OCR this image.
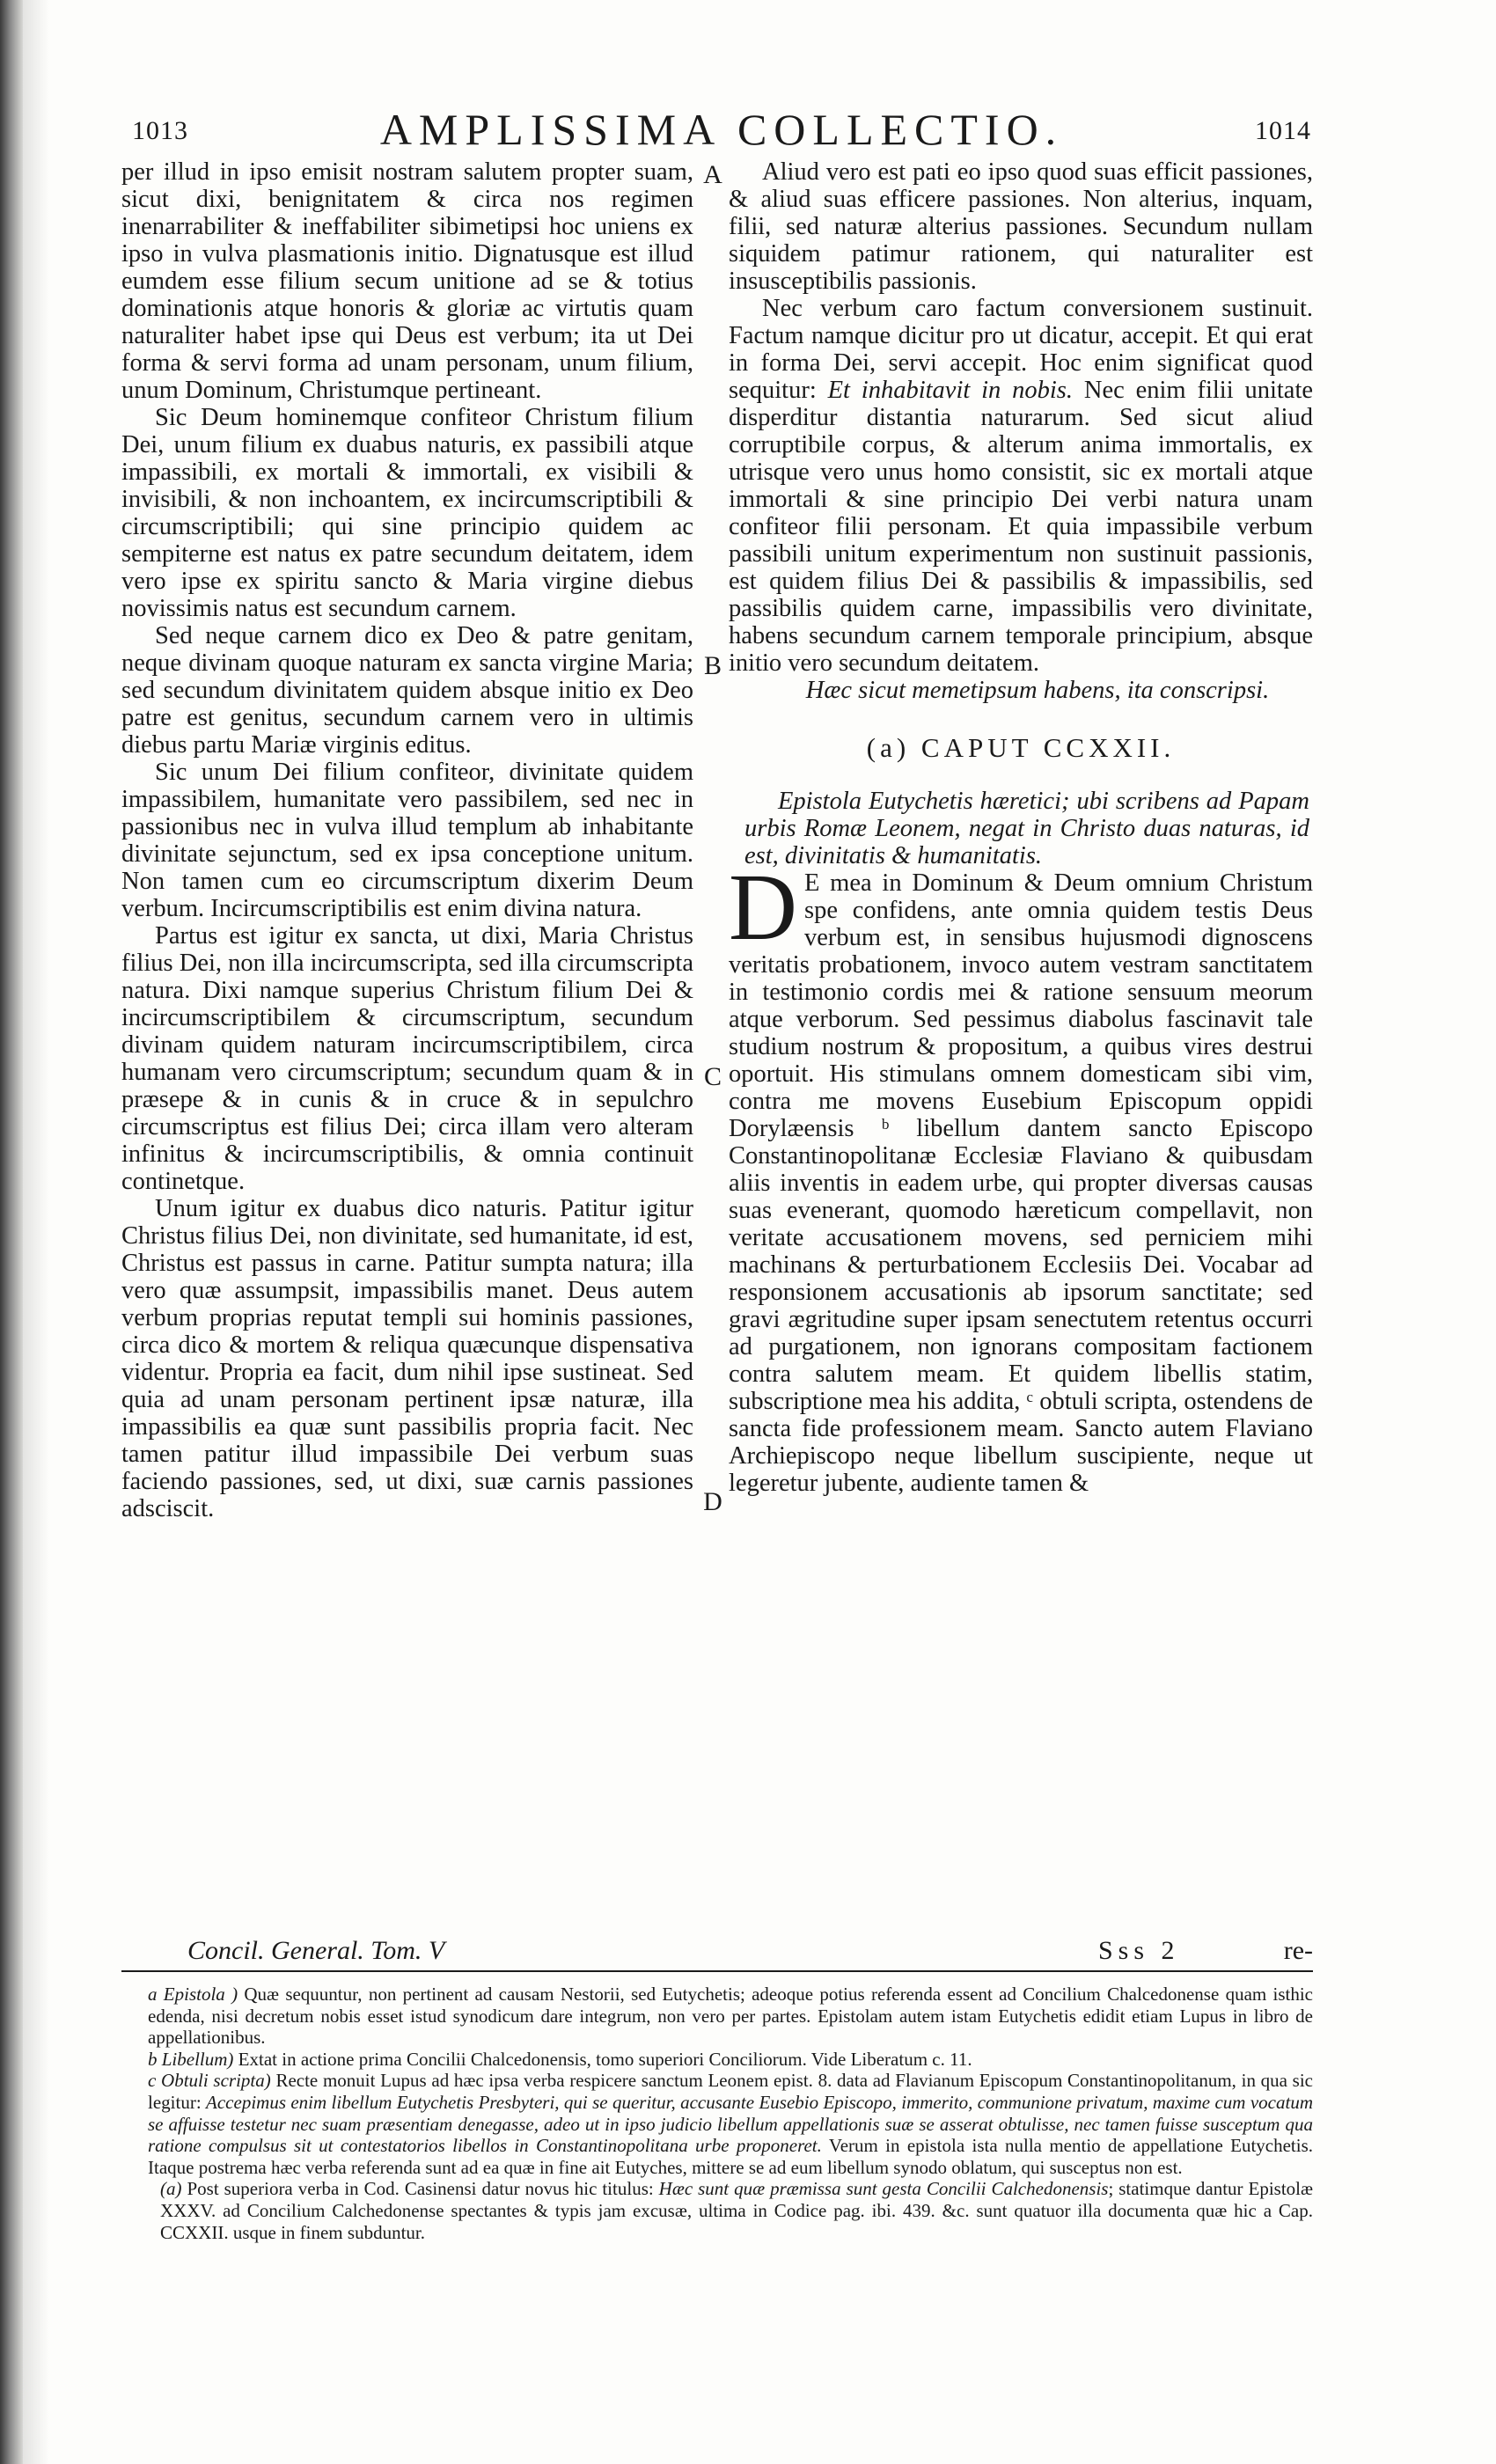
1013	AMPLISSIMA COLLECTIO.	1014

per illud in ipso emisit nostram salutem propter suam, sicut dixi, benignitatem & circa nos regimen inenarrabiliter & ineffabiliter sibimetipsi hoc uniens ex ipso in vulva plasmationis initio. Dignatusque est illud eumdem esse filium secum unitione ad se & totius dominationis atque honoris & gloriæ ac virtutis quam naturaliter habet ipse qui Deus est verbum; ita ut Dei forma & servi forma ad unam personam, unum filium, unum Dominum, Christumque pertineant.

Sic Deum hominemque confiteor Christum filium Dei, unum filium ex duabus naturis, ex passibili atque impassibili, ex mortali & immortali, ex visibili & invisibili, & non inchoantem, ex incircumscriptibili & circumscriptibili; qui sine principio quidem ac sempiterne est natus ex patre secundum deitatem, idem vero ipse ex spiritu sancto & Maria virgine diebus novissimis natus est secundum carnem.

Sed neque carnem dico ex Deo & patre genitam, neque divinam quoque naturam ex sancta virgine Maria; sed secundum divinitatem quidem absque initio ex Deo patre est genitus, secundum carnem vero in ultimis diebus partu Mariæ virginis editus.

Sic unum Dei filium confiteor, divinitate quidem impassibilem, humanitate vero passibilem, sed nec in passionibus nec in vulva illud templum ab inhabitante divinitate sejunctum, sed ex ipsa conceptione unitum. Non tamen cum eo circumscriptum dixerim Deum verbum. Incircumscriptibilis est enim divina natura.

Partus est igitur ex sancta, ut dixi, Maria Christus filius Dei, non illa incircumscripta, sed illa circumscripta natura. Dixi namque superius Christum filium Dei & incircumscriptibilem & circumscriptum, secundum divinam quidem naturam incircumscriptibilem, circa humanam vero circumscriptum; secundum quam & in præsepe & in cunis & in cruce & in sepulchro circumscriptus est filius Dei; circa illam vero alteram infinitus & incircumscriptibilis, & omnia continuit continetque.

Unum igitur ex duabus dico naturis. Patitur igitur Christus filius Dei, non divinitate, sed humanitate, id est, Christus est passus in carne. Patitur sumpta natura; illa vero quæ assumpsit, impassibilis manet. Deus autem verbum proprias reputat templi sui hominis passiones, circa dico & mortem & reliqua quæcunque dispensativa videntur. Propria ea facit, dum nihil ipse sustineat. Sed quia ad unam personam pertinent ipsæ naturæ, illa impassibilis ea quæ sunt passibilis propria facit. Nec tamen patitur illud impassibile Dei verbum suas faciendo passiones, sed, ut dixi, suæ carnis passiones adsciscit.

A
B
C
D

Aliud vero est pati eo ipso quod suas efficit passiones, & aliud suas efficere passiones. Non alterius, inquam, filii, sed naturæ alterius passiones. Secundum nullam siquidem patimur rationem, qui naturaliter est insusceptibilis passionis.

Nec verbum caro factum conversionem sustinuit. Factum namque dicitur pro ut dicatur, accepit. Et qui erat in forma Dei, servi accepit. Hoc enim significat quod sequitur: Et inhabitavit in nobis. Nec enim filii unitate disperditur distantia naturarum. Sed sicut aliud corruptibile corpus, & alterum anima immortalis, ex utrisque vero unus homo consistit, sic ex mortali atque immortali & sine principio Dei verbi natura unam confiteor filii personam. Et quia impassibile verbum passibili unitum experimentum non sustinuit passionis, est quidem filius Dei & passibilis & impassibilis, sed passibilis quidem carne, impassibilis vero divinitate, habens secundum carnem temporale principium, absque initio vero secundum deitatem.

Hæc sicut memetipsum habens, ita conscripsi.

(a) CAPUT CCXXII.

Epistola Eutychetis hæretici; ubi scribens ad Papam urbis Romæ Leonem, negat in Christo duas naturas, id est, divinitatis & humanitatis.

D E mea in Dominum & Deum omnium Christum spe confidens, ante omnia quidem testis Deus verbum est, in sensibus hujusmodi dignoscens veritatis probationem, invoco autem vestram sanctitatem in testimonio cordis mei & ratione sensuum meorum atque verborum. Sed pessimus diabolus fascinavit tale studium nostrum & propositum, a quibus vires destrui oportuit. His stimulans omnem domesticam sibi vim, contra me movens Eusebium Episcopum oppidi Dorylæensis ᵇ libellum dantem sancto Episcopo Constantinopolitanæ Ecclesiæ Flaviano & quibusdam aliis inventis in eadem urbe, qui propter diversas causas suas evenerant, quomodo hæreticum compellavit, non veritate accusationem movens, sed perniciem mihi machinans & perturbationem Ecclesiis Dei. Vocabar ad responsionem accusationis ab ipsorum sanctitate; sed gravi ægritudine super ipsam senectutem retentus occurri ad purgationem, non ignorans compositam factionem contra salutem meam. Et quidem libellis statim, subscriptione mea his addita, ᶜ obtuli scripta, ostendens de sancta fide professionem meam. Sancto autem Flaviano Archiepiscopo neque libellum suscipiente, neque ut legeretur jubente, audiente tamen &

Concil. General. Tom. V	Sss 2	re-

a Epistola ) Quæ sequuntur, non pertinent ad causam Nestorii, sed Eutychetis; adeoque potius referenda essent ad Concilium Chalcedonense quam isthic edenda, nisi decretum nobis esset istud synodicum dare integrum, non vero per partes. Epistolam autem istam Eutychetis edidit etiam Lupus in libro de appellationibus.

b Libellum) Extat in actione prima Concilii Chalcedonensis, tomo superiori Conciliorum. Vide Liberatum c. 11.

c Obtuli scripta) Recte monuit Lupus ad hæc ipsa verba respicere sanctum Leonem epist. 8. data ad Flavianum Episcopum Constantinopolitanum, in qua sic legitur: Accepimus enim libellum Eutychetis Presbyteri, qui se queritur, accusante Eusebio Episcopo, immerito, communione privatum, maxime cum vocatum se affuisse testetur nec suam præsentiam denegasse, adeo ut in ipso judicio libellum appellationis suæ se asserat obtulisse, nec tamen fuisse susceptum qua ratione compulsus sit ut contestatorios libellos in Constantinopolitana urbe proponeret. Verum in epistola ista nulla mentio de appellatione Eutychetis. Itaque postrema hæc verba referenda sunt ad ea quæ in fine ait Eutyches, mittere se ad eum libellum synodo oblatum, qui susceptus non est.

(a) Post superiora verba in Cod. Casinensi datur novus hic titulus: Hæc sunt quæ præmissa sunt gesta Concilii Calchedonensis; statimque dantur Epistolæ XXXV. ad Concilium Calchedonense spectantes & typis jam excusæ, ultima in Codice pag. ibi. 439. &c. sunt quatuor illa documenta quæ hic a Cap. CCXXII. usque in finem subduntur.
